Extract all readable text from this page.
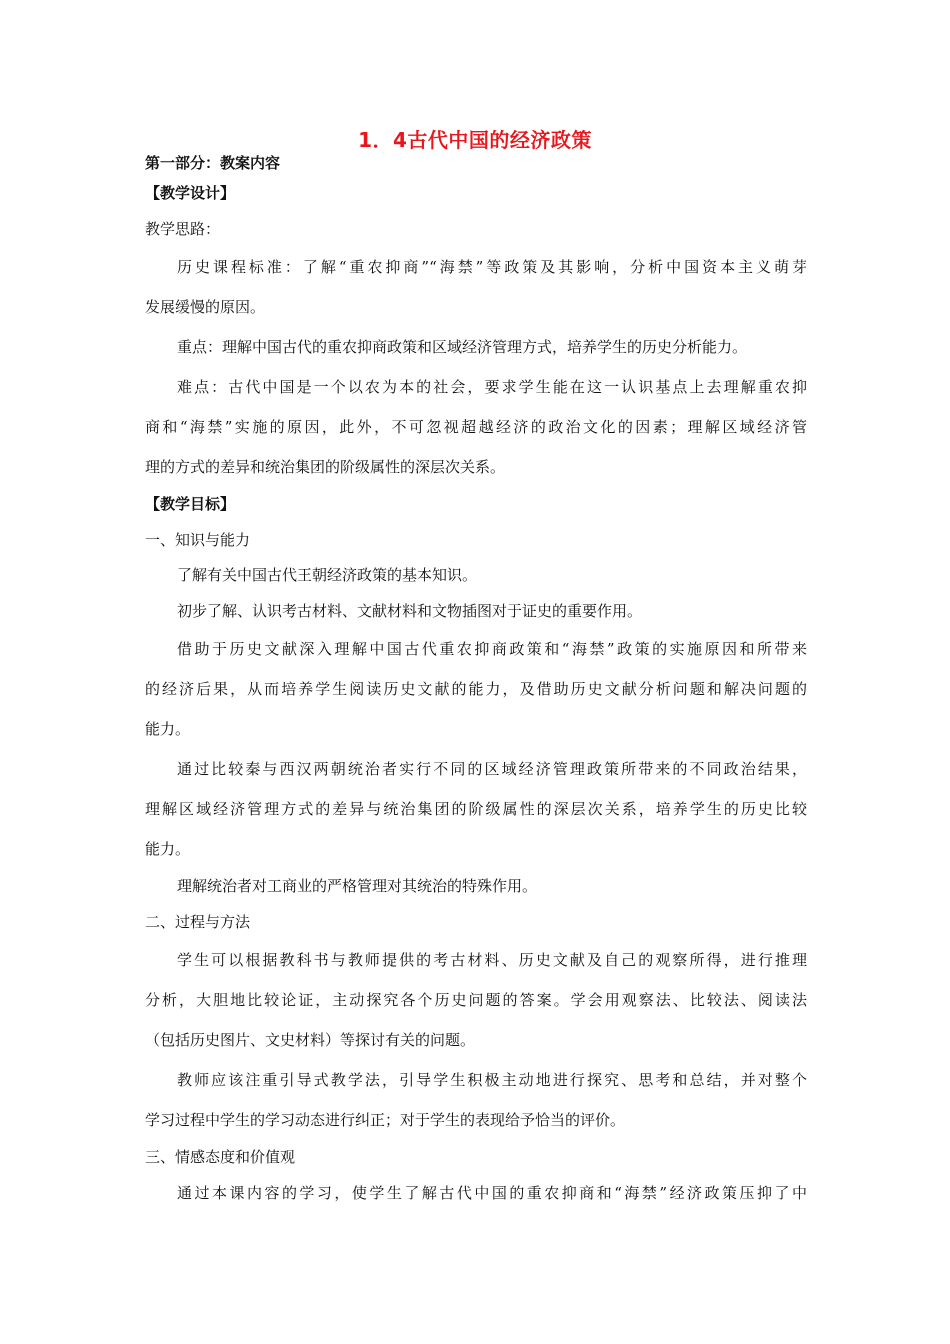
1．4古代中国的经济政策
第一部分：教案内容
【教学设计】
教学思路：
历史课程标准：了解“重农抑商”“海禁”等政策及其影响，分析中国资本主义萌芽
发展缓慢的原因。
重点：理解中国古代的重农抑商政策和区域经济管理方式，培养学生的历史分析能力。
难点：古代中国是一个以农为本的社会，要求学生能在这一认识基点上去理解重农抑
商和“海禁”实施的原因，此外，不可忽视超越经济的政治文化的因素；理解区域经济管
理的方式的差异和统治集团的阶级属性的深层次关系。
【教学目标】
一、知识与能力
了解有关中国古代王朝经济政策的基本知识。
初步了解、认识考古材料、文献材料和文物插图对于证史的重要作用。
借助于历史文献深入理解中国古代重农抑商政策和“海禁”政策的实施原因和所带来
的经济后果，从而培养学生阅读历史文献的能力，及借助历史文献分析问题和解决问题的
能力。
通过比较秦与西汉两朝统治者实行不同的区域经济管理政策所带来的不同政治结果，
理解区域经济管理方式的差异与统治集团的阶级属性的深层次关系，培养学生的历史比较
能力。
理解统治者对工商业的严格管理对其统治的特殊作用。
二、过程与方法
学生可以根据教科书与教师提供的考古材料、历史文献及自己的观察所得，进行推理
分析，大胆地比较论证，主动探究各个历史问题的答案。学会用观察法、比较法、阅读法
（包括历史图片、文史材料）等探讨有关的问题。
教师应该注重引导式教学法，引导学生积极主动地进行探究、思考和总结，并对整个
学习过程中学生的学习动态进行纠正；对于学生的表现给予恰当的评价。
三、情感态度和价值观
通过本课内容的学习，使学生了解古代中国的重农抑商和“海禁”经济政策压抑了中
